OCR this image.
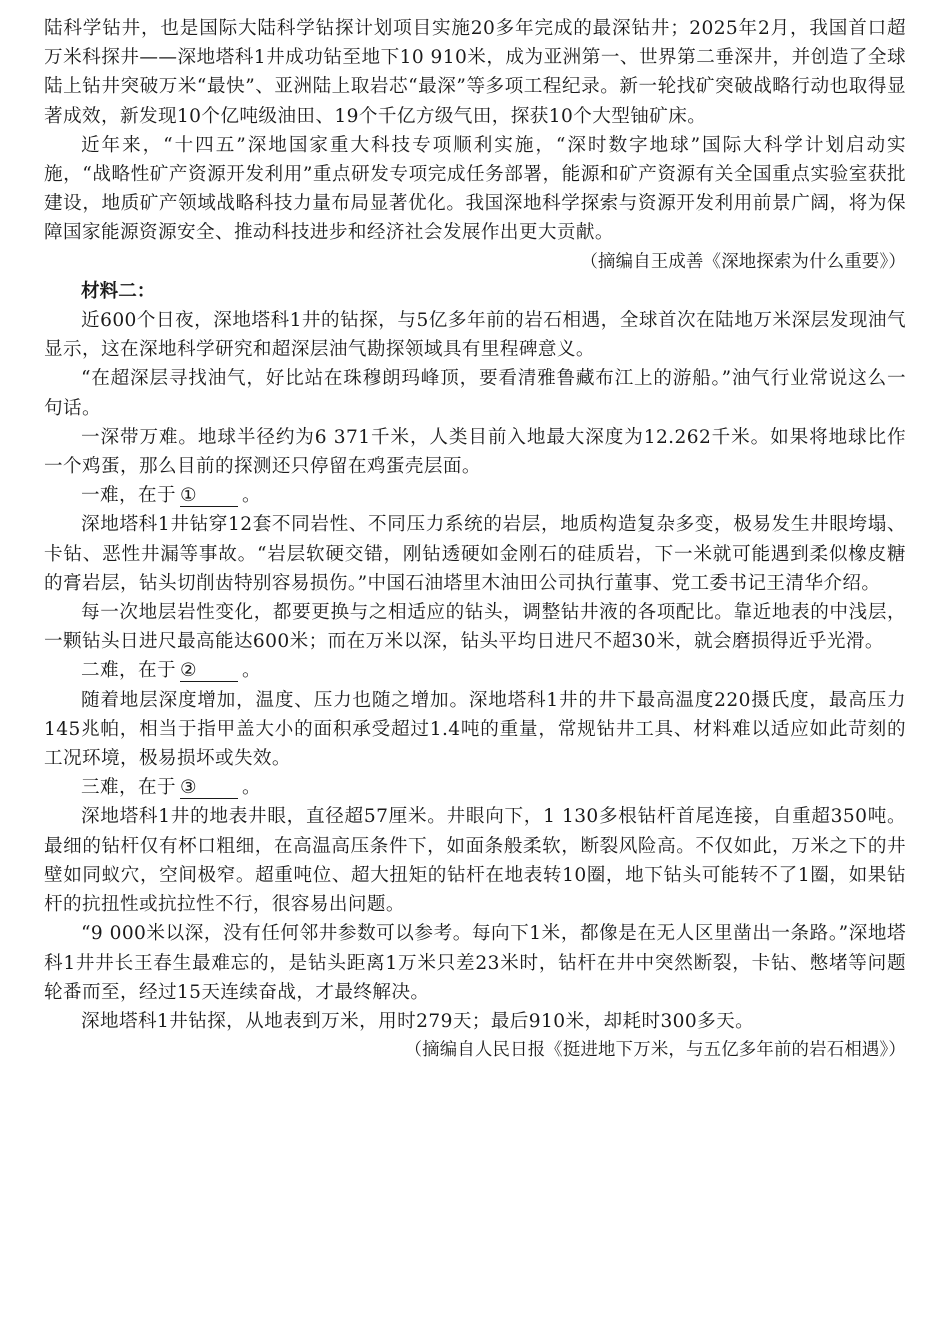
陆科学钻井，也是国际大陆科学钻探计划项目实施20多年完成的最深钻井；2025年2月，我国首口超万米科探井——深地塔科1井成功钻至地下10 910米，成为亚洲第一、世界第二垂深井，并创造了全球陆上钻井突破万米“最快”、亚洲陆上取岩芯“最深”等多项工程纪录。新一轮找矿突破战略行动也取得显著成效，新发现10个亿吨级油田、19个千亿方级气田，探获10个大型铀矿床。

近年来，“十四五”深地国家重大科技专项顺利实施，“深时数字地球”国际大科学计划启动实施，“战略性矿产资源开发利用”重点研发专项完成任务部署，能源和矿产资源有关全国重点实验室获批建设，地质矿产领域战略科技力量布局显著优化。我国深地科学探索与资源开发利用前景广阔，将为保障国家能源资源安全、推动科技进步和经济社会发展作出更大贡献。

（摘编自王成善《深地探索为什么重要》）

材料二：

近600个日夜，深地塔科1井的钻探，与5亿多年前的岩石相遇，全球首次在陆地万米深层发现油气显示，这在深地科学研究和超深层油气勘探领域具有里程碑意义。

“在超深层寻找油气，好比站在珠穆朗玛峰顶，要看清雅鲁藏布江上的游船。”油气行业常说这么一句话。

一深带万难。地球半径约为6 371千米，人类目前入地最大深度为12.262千米。如果将地球比作一个鸡蛋，那么目前的探测还只停留在鸡蛋壳层面。

一难，在于 ① 。

深地塔科1井钻穿12套不同岩性、不同压力系统的岩层，地质构造复杂多变，极易发生井眼垮塌、卡钻、恶性井漏等事故。“岩层软硬交错，刚钻透硬如金刚石的硅质岩，下一米就可能遇到柔似橡皮糖的膏岩层，钻头切削齿特别容易损伤。”中国石油塔里木油田公司执行董事、党工委书记王清华介绍。

每一次地层岩性变化，都要更换与之相适应的钻头，调整钻井液的各项配比。靠近地表的中浅层，一颗钻头日进尺最高能达600米；而在万米以深，钻头平均日进尺不超30米，就会磨损得近乎光滑。

二难，在于 ② 。

随着地层深度增加，温度、压力也随之增加。深地塔科1井的井下最高温度220摄氏度，最高压力145兆帕，相当于指甲盖大小的面积承受超过1.4吨的重量，常规钻井工具、材料难以适应如此苛刻的工况环境，极易损坏或失效。

三难，在于 ③ 。

深地塔科1井的地表井眼，直径超57厘米。井眼向下，1 130多根钻杆首尾连接，自重超350吨。最细的钻杆仅有杯口粗细，在高温高压条件下，如面条般柔软，断裂风险高。不仅如此，万米之下的井壁如同蚁穴，空间极窄。超重吨位、超大扭矩的钻杆在地表转10圈，地下钻头可能转不了1圈，如果钻杆的抗扭性或抗拉性不行，很容易出问题。

“9 000米以深，没有任何邻井参数可以参考。每向下1米，都像是在无人区里凿出一条路。”深地塔科1井井长王春生最难忘的，是钻头距离1万米只差23米时，钻杆在井中突然断裂，卡钻、憋堵等问题轮番而至，经过15天连续奋战，才最终解决。

深地塔科1井钻探，从地表到万米，用时279天；最后910米，却耗时300多天。

（摘编自人民日报《挺进地下万米，与五亿多年前的岩石相遇》）
